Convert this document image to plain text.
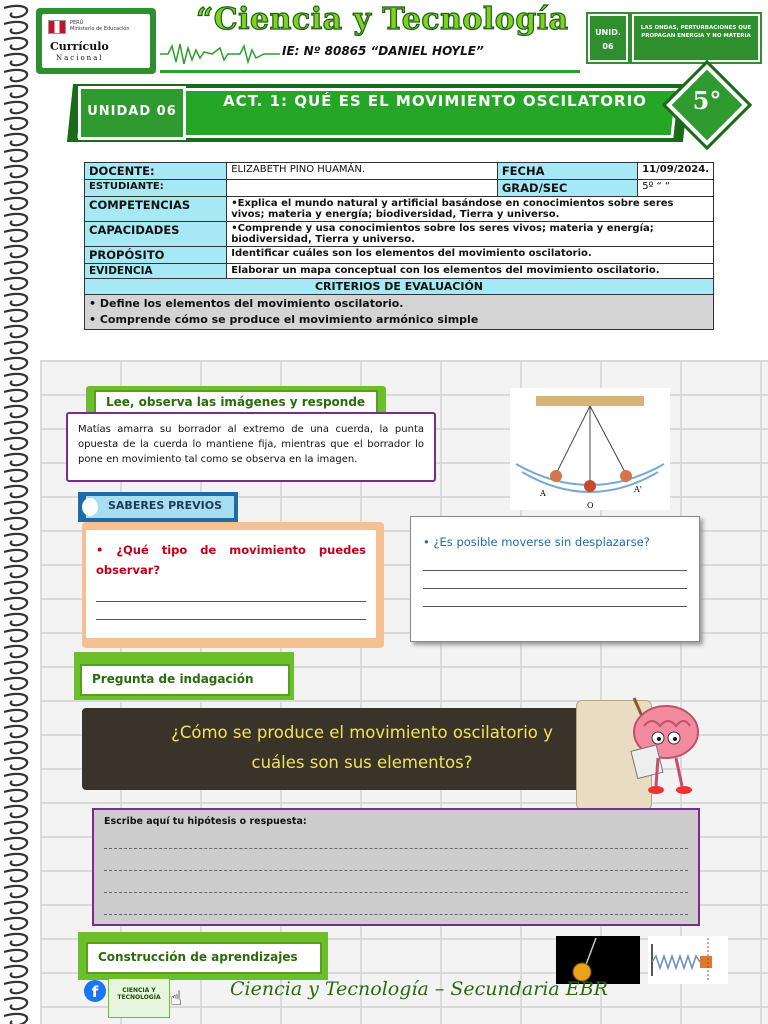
PERÚ
Ministerio de Educación
Currículo
Nacional
“Ciencia y Tecnología
IE: Nº 80865 “DANIEL HOYLE”
UNID.
06
LAS ONDAS, PERTURBACIONES QUE PROPAGAN ENERGIA Y NO MATERIA
UNIDAD 06
ACT. 1: QUÉ ES EL MOVIMIENTO OSCILATORIO	5°
DOCENTE:	ELIZABETH PINO HUAMÁN.	FECHA	11/09/2024.
ESTUDIANTE:		GRAD/SEC	5º “ “
COMPETENCIAS	•Explica el mundo natural y artificial basándose en conocimientos sobre seres vivos; materia y energía; biodiversidad, Tierra y universo.		
CAPACIDADES	•Comprende y usa conocimientos sobre los seres vivos; materia y energía; biodiversidad, Tierra y universo.		
PROPÓSITO	Identificar cuáles son los elementos del movimiento oscilatorio.		
EVIDENCIA	Elaborar un mapa conceptual con los elementos del movimiento oscilatorio.		
CRITERIOS DE EVALUACIÓN			

• Define los elementos del movimiento oscilatorio.
• Comprende cómo se produce el movimiento armónico simple			
Lee, observa las imágenes y responde
Matías amarra su borrador al extremo de una cuerda, la punta opuesta de la cuerda lo mantiene fija, mientras que el borrador lo pone en movimiento tal como se observa en la imagen.
A
O
A'
SABERES PREVIOS
• ¿Qué tipo de movimiento puedes observar?
• ¿Es posible moverse sin desplazarse?
Pregunta de indagación
¿Cómo se produce el movimiento oscilatorio y
cuáles son sus elementos?
Escribe aquí tu hipótesis o respuesta:
Construcción de aprendizajes
f	CIENCIA Y TECNOLOGÍA ☝	Ciencia y Tecnología – Secundaria EBR
